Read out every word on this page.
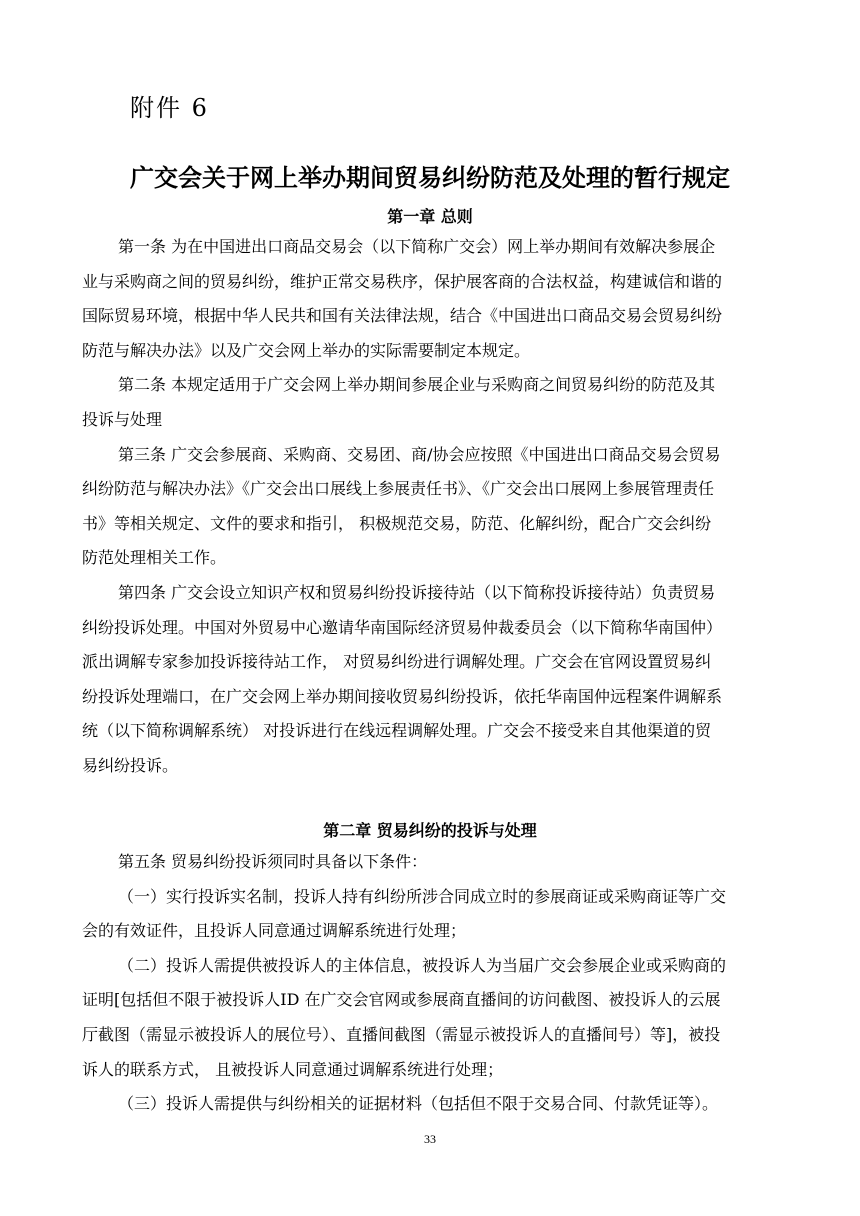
附件 6
广交会关于网上举办期间贸易纠纷防范及处理的暂行规定
第一章 总则
第一条 为在中国进出口商品交易会（以下简称广交会）网上举办期间有效解决参展企
业与采购商之间的贸易纠纷，维护正常交易秩序，保护展客商的合法权益，构建诚信和谐的
国际贸易环境，根据中华人民共和国有关法律法规，结合《中国进出口商品交易会贸易纠纷
防范与解决办法》以及广交会网上举办的实际需要制定本规定。
第二条 本规定适用于广交会网上举办期间参展企业与采购商之间贸易纠纷的防范及其
投诉与处理
第三条 广交会参展商、采购商、交易团、商/协会应按照《中国进出口商品交易会贸易
纠纷防范与解决办法》《广交会出口展线上参展责任书》、《广交会出口展网上参展管理责任
书》等相关规定、文件的要求和指引， 积极规范交易，防范、化解纠纷，配合广交会纠纷
防范处理相关工作。
第四条 广交会设立知识产权和贸易纠纷投诉接待站（以下简称投诉接待站）负责贸易
纠纷投诉处理。中国对外贸易中心邀请华南国际经济贸易仲裁委员会（以下简称华南国仲）
派出调解专家参加投诉接待站工作， 对贸易纠纷进行调解处理。广交会在官网设置贸易纠
纷投诉处理端口，在广交会网上举办期间接收贸易纠纷投诉，依托华南国仲远程案件调解系
统（以下简称调解系统） 对投诉进行在线远程调解处理。广交会不接受来自其他渠道的贸
易纠纷投诉。
第二章 贸易纠纷的投诉与处理
第五条 贸易纠纷投诉须同时具备以下条件：
（一）实行投诉实名制，投诉人持有纠纷所涉合同成立时的参展商证或采购商证等广交
会的有效证件，且投诉人同意通过调解系统进行处理；
（二）投诉人需提供被投诉人的主体信息，被投诉人为当届广交会参展企业或采购商的
证明[包括但不限于被投诉人ID 在广交会官网或参展商直播间的访问截图、被投诉人的云展
厅截图（需显示被投诉人的展位号）、直播间截图（需显示被投诉人的直播间号）等]，被投
诉人的联系方式， 且被投诉人同意通过调解系统进行处理；
（三）投诉人需提供与纠纷相关的证据材料（包括但不限于交易合同、付款凭证等）。
33
